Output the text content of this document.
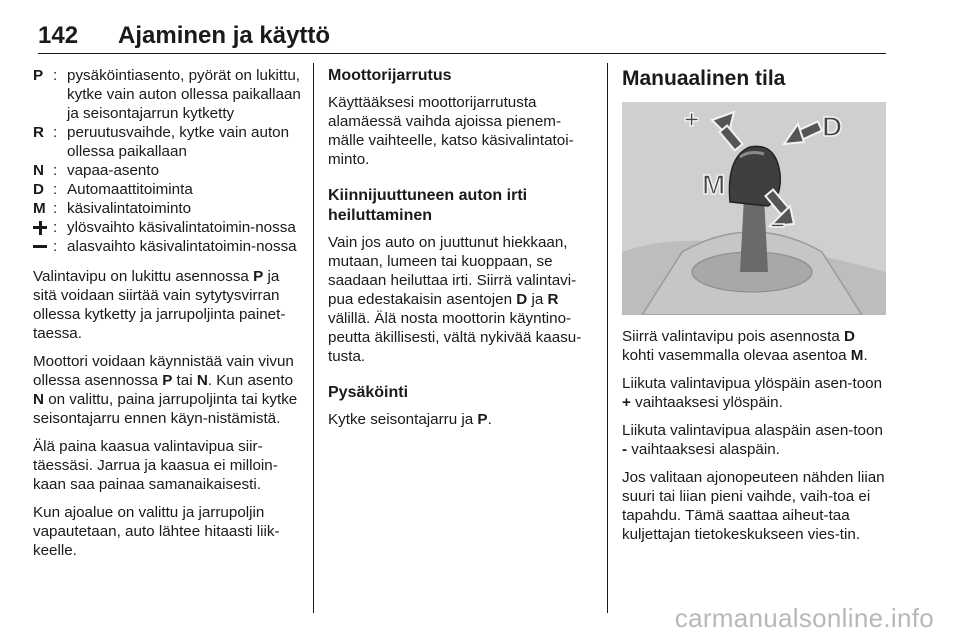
142 Ajaminen ja käyttö
P : pysäköintiasento, pyörät on lukittu, kytke vain auton ollessa paikallaan ja seisontajarrun kytketty
R : peruutusvaihde, kytke vain auton ollessa paikallaan
N : vapaa-asento
D : Automaattitoiminta
M : käsivalintatoiminto
: ylösvaihto käsivalintatoimin-nossa
: alasvaihto käsivalintatoimin-nossa

Valintavipu on lukittu asennossa P ja sitä voidaan siirtää vain sytytysvirran ollessa kytketty ja jarrupoljinta painet-taessa.

Moottori voidaan käynnistää vain vivun ollessa asennossa P tai N. Kun asento N on valittu, paina jarrupoljinta tai kytke seisontajarru ennen käyn-nistämistä.

Älä paina kaasua valintavipua siir-täessäsi. Jarrua ja kaasua ei milloin-kaan saa painaa samanaikaisesti.

Kun ajoalue on valittu ja jarrupoljin vapautetaan, auto lähtee hitaasti liik-keelle.

Moottorijarrutus

Käyttääksesi moottorijarrutusta alamäessä vaihda ajoissa pienem-mälle vaihteelle, katso käsivalintatoi-minto.

Kiinnijuuttuneen auton irti heiluttaminen

Vain jos auto on juuttunut hiekkaan, mutaan, lumeen tai kuoppaan, se saadaan heiluttaa irti. Siirrä valintavi-pua edestakaisin asentojen D ja R välillä. Älä nosta moottorin käyntino-peutta äkillisesti, vältä nykivää kaasu-tusta.

Pysäköinti

Kytke seisontajarru ja P.

Manuaalinen tila
+
−
D
M

Siirrä valintavipu pois asennosta D kohti vasemmalla olevaa asentoa M.

Liikuta valintavipua ylöspäin asen-toon + vaihtaaksesi ylöspäin.

Liikuta valintavipua alaspäin asen-toon - vaihtaaksesi alaspäin.

Jos valitaan ajonopeuteen nähden liian suuri tai liian pieni vaihde, vaih-toa ei tapahdu. Tämä saattaa aiheut-taa kuljettajan tietokeskukseen vies-tin.

carmanualsonline.info
